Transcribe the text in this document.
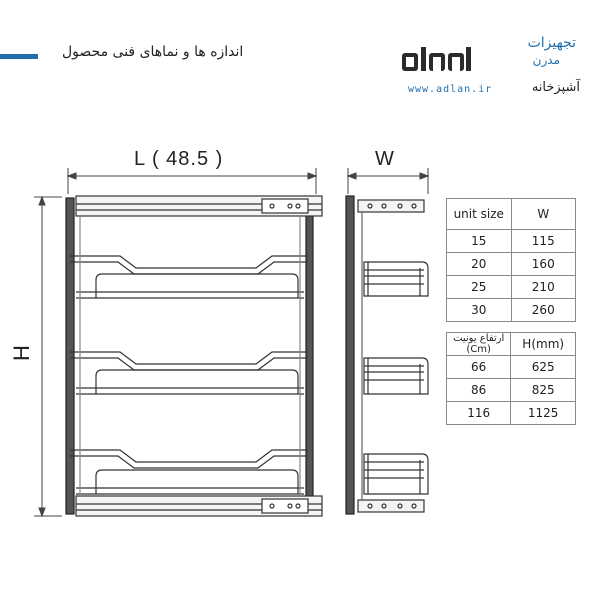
اندازه ها و نماهای فنی محصول
تجهیزات
مدرن
www.adlan.ir	آشپزخانه
L ( 48.5 )	W
H
unit size	W
15	115
20	160
25	210
30	260
ارتفاع یونیت (Cm)	H(mm)
66	625
86	825
116	1125
